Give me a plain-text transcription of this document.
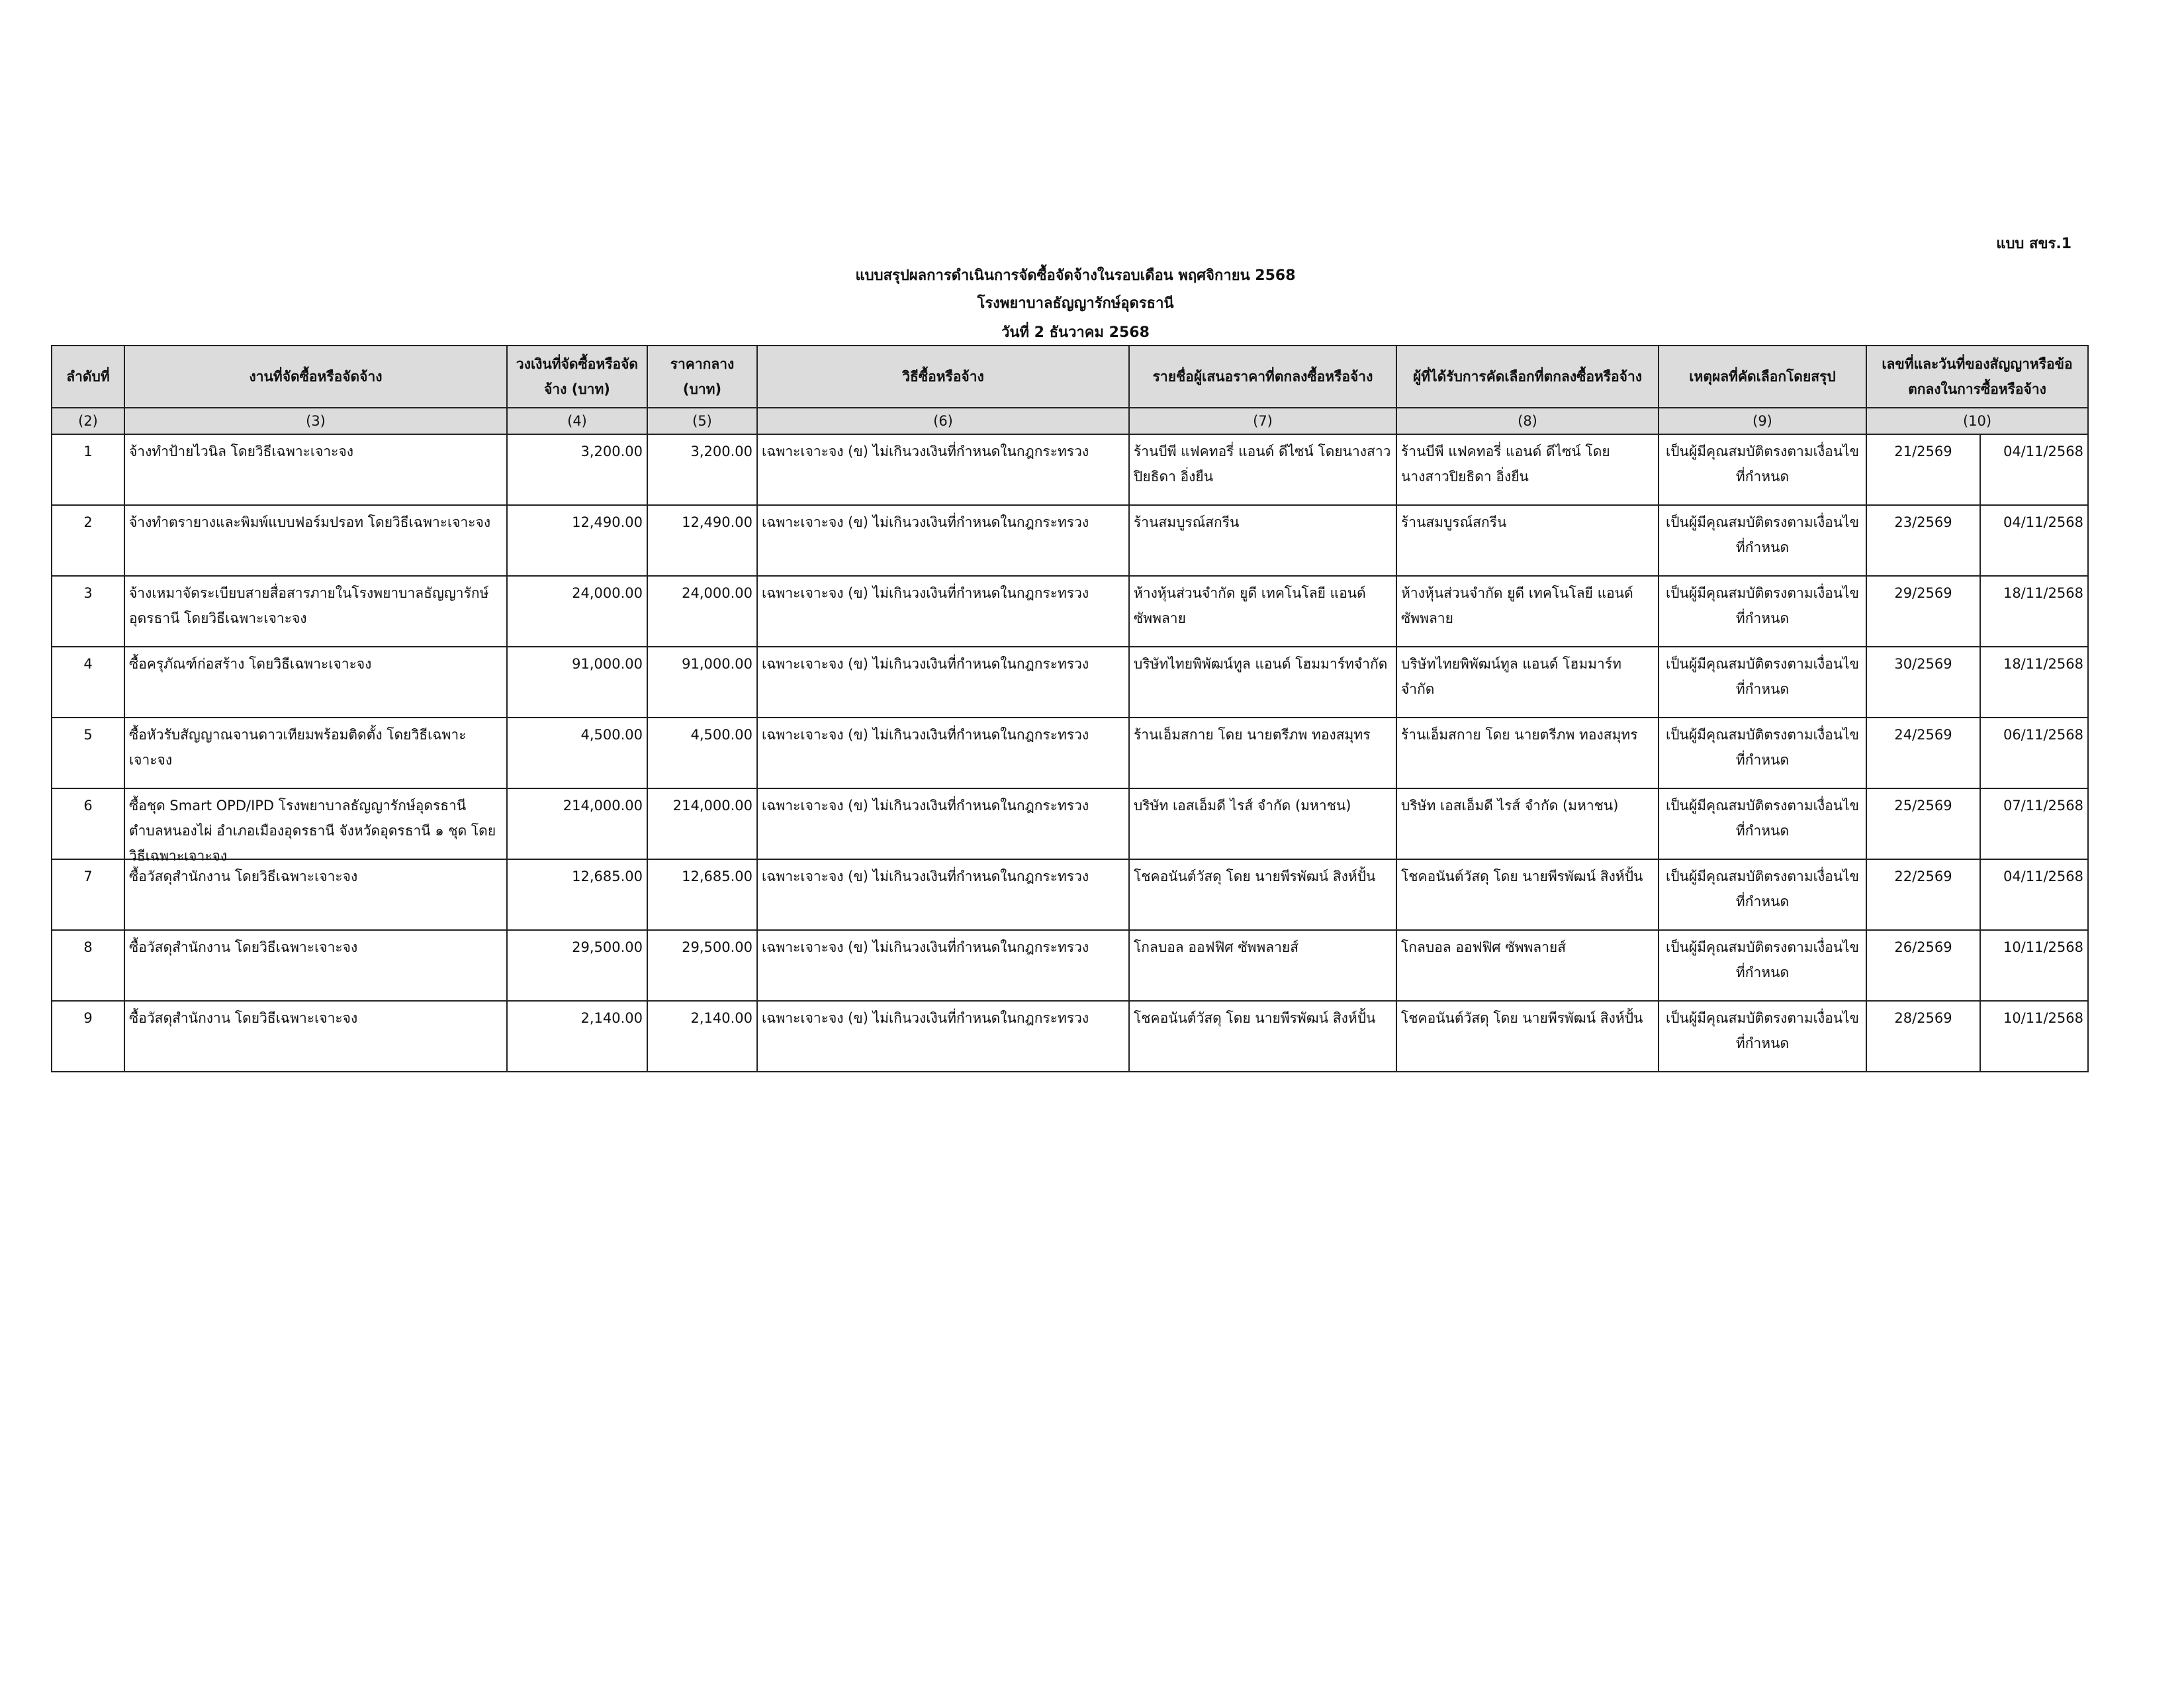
แบบ สขร.1
แบบสรุปผลการดำเนินการจัดซื้อจัดจ้างในรอบเดือน พฤศจิกายน 2568
โรงพยาบาลธัญญารักษ์อุดรธานี
วันที่ 2 ธันวาคม 2568
ลำดับที่	งานที่จัดซื้อหรือจัดจ้าง	วงเงินที่จัดซื้อหรือจัดจ้าง (บาท)	ราคากลาง (บาท)	วิธีซื้อหรือจ้าง	รายชื่อผู้เสนอราคาที่ตกลงซื้อหรือจ้าง	ผู้ที่ได้รับการคัดเลือกที่ตกลงซื้อหรือจ้าง	เหตุผลที่คัดเลือกโดยสรุป	เลขที่และวันที่ของสัญญาหรือข้อตกลงในการซื้อหรือจ้าง	
(2)	(3)	(4)	(5)	(6)	(7)	(8)	(9)	(10)	
1	จ้างทำป้ายไวนิล โดยวิธีเฉพาะเจาะจง	3,200.00	3,200.00	เฉพาะเจาะจง (ข) ไม่เกินวงเงินที่กำหนดในกฎกระทรวง	ร้านบีพี แฟคทอรี่ แอนด์ ดีไซน์ โดยนางสาวปิยธิดา อิ่งยืน	ร้านบีพี แฟคทอรี่ แอนด์ ดีไซน์ โดย นางสาวปิยธิดา อิ่งยืน	เป็นผู้มีคุณสมบัติตรงตามเงื่อนไขที่กำหนด	21/2569	04/11/2568
2	จ้างทำตรายางและพิมพ์แบบฟอร์มปรอท โดยวิธีเฉพาะเจาะจง	12,490.00	12,490.00	เฉพาะเจาะจง (ข) ไม่เกินวงเงินที่กำหนดในกฎกระทรวง	ร้านสมบูรณ์สกรีน	ร้านสมบูรณ์สกรีน	เป็นผู้มีคุณสมบัติตรงตามเงื่อนไขที่กำหนด	23/2569	04/11/2568
3	จ้างเหมาจัดระเบียบสายสื่อสารภายในโรงพยาบาลธัญญารักษ์อุดรธานี โดยวิธีเฉพาะเจาะจง	24,000.00	24,000.00	เฉพาะเจาะจง (ข) ไม่เกินวงเงินที่กำหนดในกฎกระทรวง	ห้างหุ้นส่วนจำกัด ยูดี เทคโนโลยี แอนด์ ซัพพลาย	ห้างหุ้นส่วนจำกัด ยูดี เทคโนโลยี แอนด์ ซัพพลาย	เป็นผู้มีคุณสมบัติตรงตามเงื่อนไขที่กำหนด	29/2569	18/11/2568
4	ซื้อครุภัณฑ์ก่อสร้าง โดยวิธีเฉพาะเจาะจง	91,000.00	91,000.00	เฉพาะเจาะจง (ข) ไม่เกินวงเงินที่กำหนดในกฎกระทรวง	บริษัทไทยพิพัฒน์ทูล แอนด์ โฮมมาร์ทจำกัด	บริษัทไทยพิพัฒน์ทูล แอนด์ โฮมมาร์ทจำกัด	เป็นผู้มีคุณสมบัติตรงตามเงื่อนไขที่กำหนด	30/2569	18/11/2568
5	ซื้อหัวรับสัญญาณจานดาวเทียมพร้อมติดตั้ง โดยวิธีเฉพาะเจาะจง	4,500.00	4,500.00	เฉพาะเจาะจง (ข) ไม่เกินวงเงินที่กำหนดในกฎกระทรวง	ร้านเอ็มสกาย โดย นายตรีภพ ทองสมุทร	ร้านเอ็มสกาย โดย นายตรีภพ ทองสมุทร	เป็นผู้มีคุณสมบัติตรงตามเงื่อนไขที่กำหนด	24/2569	06/11/2568
6	ซื้อชุด Smart OPD/IPD โรงพยาบาลธัญญารักษ์อุดรธานี ตำบลหนองไผ่ อำเภอเมืองอุดรธานี จังหวัดอุดรธานี ๑ ชุด โดยวิธีเฉพาะเจาะจง	214,000.00	214,000.00	เฉพาะเจาะจง (ข) ไม่เกินวงเงินที่กำหนดในกฎกระทรวง	บริษัท เอสเอ็มดี ไรส์ จำกัด (มหาชน)	บริษัท เอสเอ็มดี ไรส์ จำกัด (มหาชน)	เป็นผู้มีคุณสมบัติตรงตามเงื่อนไขที่กำหนด	25/2569	07/11/2568
7	ซื้อวัสดุสำนักงาน โดยวิธีเฉพาะเจาะจง	12,685.00	12,685.00	เฉพาะเจาะจง (ข) ไม่เกินวงเงินที่กำหนดในกฎกระทรวง	โชคอนันต์วัสดุ โดย นายพีรพัฒน์ สิงห์ปั้น	โชคอนันต์วัสดุ โดย นายพีรพัฒน์ สิงห์ปั้น	เป็นผู้มีคุณสมบัติตรงตามเงื่อนไขที่กำหนด	22/2569	04/11/2568
8	ซื้อวัสดุสำนักงาน โดยวิธีเฉพาะเจาะจง	29,500.00	29,500.00	เฉพาะเจาะจง (ข) ไม่เกินวงเงินที่กำหนดในกฎกระทรวง	โกลบอล ออฟฟิศ ซัพพลายส์	โกลบอล ออฟฟิศ ซัพพลายส์	เป็นผู้มีคุณสมบัติตรงตามเงื่อนไขที่กำหนด	26/2569	10/11/2568
9	ซื้อวัสดุสำนักงาน โดยวิธีเฉพาะเจาะจง	2,140.00	2,140.00	เฉพาะเจาะจง (ข) ไม่เกินวงเงินที่กำหนดในกฎกระทรวง	โชคอนันต์วัสดุ โดย นายพีรพัฒน์ สิงห์ปั้น	โชคอนันต์วัสดุ โดย นายพีรพัฒน์ สิงห์ปั้น	เป็นผู้มีคุณสมบัติตรงตามเงื่อนไขที่กำหนด	28/2569	10/11/2568
